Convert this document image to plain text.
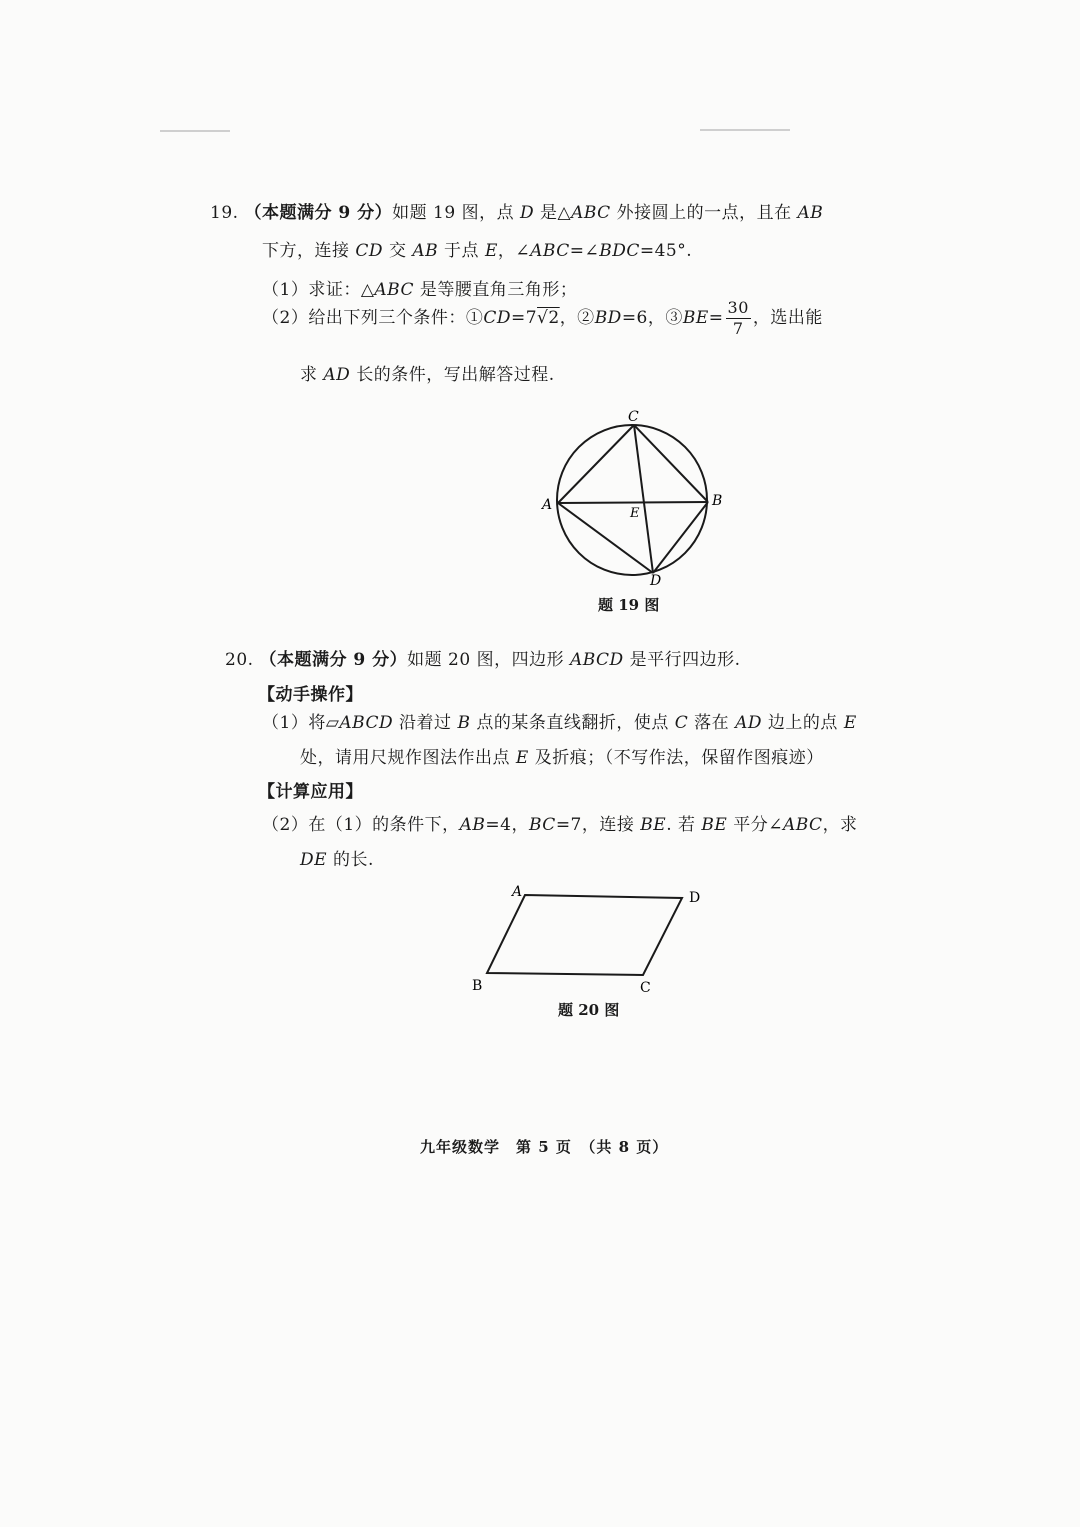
19. （本题满分 9 分）如题 19 图，点 D 是△ABC 外接圆上的一点，且在 AB
下方，连接 CD 交 AB 于点 E，∠ABC=∠BDC=45°.
（1）求证：△ABC 是等腰直角三角形；
（2）给出下列三个条件：①CD=7√2，②BD=6，③BE= $\frac{30}{7}$ ，选出能
求 AD 长的条件，写出解答过程.
C
A	B
E
D
题 19 图
20. （本题满分 9 分）如题 20 图，四边形 ABCD 是平行四边形.
【动手操作】
（1）将▱ABCD 沿着过 B 点的某条直线翻折，使点 C 落在 AD 边上的点 E
处，请用尺规作图法作出点 E 及折痕；（不写作法，保留作图痕迹）
【计算应用】
（2）在（1）的条件下，AB=4，BC=7，连接 BE. 若 BE 平分∠ABC，求
DE 的长.
A	D
B	C
题 20 图
九年级数学　第 5 页　（共 8 页）
